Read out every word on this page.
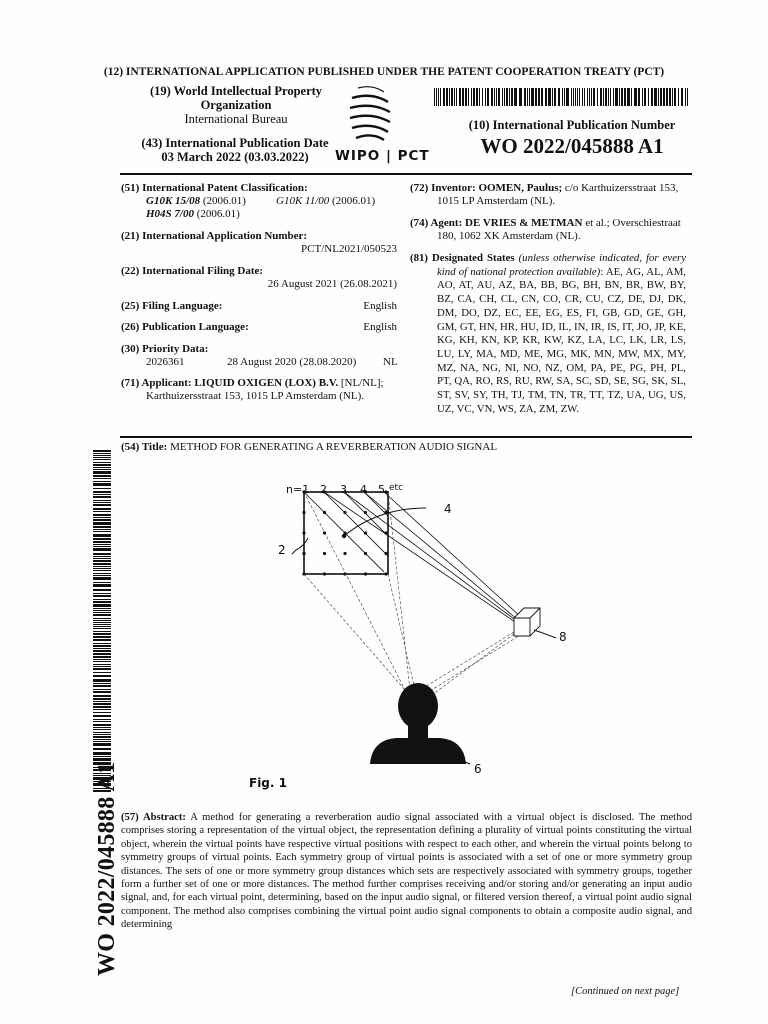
(12) INTERNATIONAL APPLICATION PUBLISHED UNDER THE PATENT COOPERATION TREATY (PCT)
(19) World Intellectual Property
Organization
International Bureau
(43) International Publication Date
03 March 2022 (03.03.2022)	WIPO | PCT
(10) International Publication Number
WO 2022/045888 A1
(51) International Patent Classification:
G10K 15/08 (2006.01)	G10K 11/00 (2006.01)
H04S 7/00 (2006.01)
(21) International Application Number:
PCT/NL2021/050523
(22) International Filing Date:
26 August 2021 (26.08.2021)
(25) Filing Language:	English
(26) Publication Language:	English
(30) Priority Data:
2026361	28 August 2020 (28.08.2020) NL
(71) Applicant: LIQUID OXIGEN (LOX) B.V. [NL/NL];
Karthuizersstraat 153, 1015 LP Amsterdam (NL).
(72) Inventor: OOMEN, Paulus; c/o Karthuizersstraat 153,
1015 LP Amsterdam (NL).
(74) Agent: DE VRIES & METMAN et al.; Overschiestraat
180, 1062 XK Amsterdam (NL).
(81) Designated States (unless otherwise indicated, for every kind of national protection available): AE, AG, AL, AM, AO, AT, AU, AZ, BA, BB, BG, BH, BN, BR, BW, BY, BZ, CA, CH, CL, CN, CO, CR, CU, CZ, DE, DJ, DK, DM, DO, DZ, EC, EE, EG, ES, FI, GB, GD, GE, GH, GM, GT, HN, HR, HU, ID, IL, IN, IR, IS, IT, JO, JP, KE, KG, KH, KN, KP, KR, KW, KZ, LA, LC, LK, LR, LS, LU, LY, MA, MD, ME, MG, MK, MN, MW, MX, MY, MZ, NA, NG, NI, NO, NZ, OM, PA, PE, PG, PH, PL, PT, QA, RO, RS, RU, RW, SA, SC, SD, SE, SG, SK, SL, ST, SV, SY, TH, TJ, TM, TN, TR, TT, TZ, UA, UG, US, UZ, VC, VN, WS, ZA, ZM, ZW.
(54) Title: METHOD FOR GENERATING A REVERBERATION AUDIO SIGNAL
WO 2022/045888 A1
n=1 2 3 4 5 etc
4
2
8
6
Fig. 1
(57) Abstract: A method for generating a reverberation audio signal associated with a virtual object is disclosed. The method comprises storing a representation of the virtual object, the representation defining a plurality of virtual points constituting the virtual object, wherein the virtual points have respective virtual positions with respect to each other, and wherein the virtual points belong to symmetry groups of virtual points. Each symmetry group of virtual points is associated with a set of one or more symmetry group distances. The sets of one or more symmetry group distances which sets are respectively associated with symmetry groups, together form a further set of one or more distances. The method further comprises receiving and/or storing and/or generating an input audio signal, and, for each virtual point, determining, based on the input audio signal, or filtered version thereof, a virtual point audio signal component. The method also comprises combining the virtual point audio signal components to obtain a composite audio signal, and determining
[Continued on next page]
